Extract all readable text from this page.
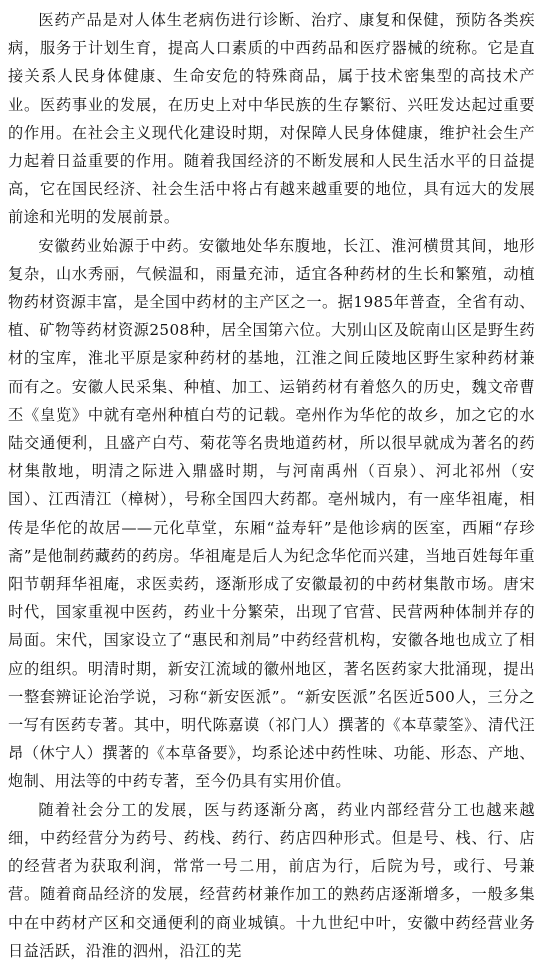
医药产品是对人体生老病伤进行诊断、治疗、康复和保健，预防各类疾病，服务于计划生育，提高人口素质的中西药品和医疗器械的统称。它是直接关系人民身体健康、生命安危的特殊商品，属于技术密集型的高技术产业。医药事业的发展，在历史上对中华民族的生存繁衍、兴旺发达起过重要的作用。在社会主义现代化建设时期，对保障人民身体健康，维护社会生产力起着日益重要的作用。随着我国经济的不断发展和人民生活水平的日益提高，它在国民经济、社会生活中将占有越来越重要的地位，具有远大的发展前途和光明的发展前景。

安徽药业始源于中药。安徽地处华东腹地，长江、淮河横贯其间，地形复杂，山水秀丽，气候温和，雨量充沛，适宜各种药材的生长和繁殖，动植物药材资源丰富，是全国中药材的主产区之一。据1985年普查，全省有动、植、矿物等药材资源2508种，居全国第六位。大别山区及皖南山区是野生药材的宝库，淮北平原是家种药材的基地，江淮之间丘陵地区野生家种药材兼而有之。安徽人民采集、种植、加工、运销药材有着悠久的历史，魏文帝曹丕《皇览》中就有亳州种植白芍的记载。亳州作为华佗的故乡，加之它的水陆交通便利，且盛产白芍、菊花等名贵地道药材，所以很早就成为著名的药材集散地，明清之际进入鼎盛时期，与河南禹州（百泉）、河北祁州（安国）、江西清江（樟树），号称全国四大药都。亳州城内，有一座华祖庵，相传是华佗的故居——元化草堂，东厢“益寿轩”是他诊病的医室，西厢“存珍斋”是他制药藏药的药房。华祖庵是后人为纪念华佗而兴建，当地百姓每年重阳节朝拜华祖庵，求医卖药，逐渐形成了安徽最初的中药材集散市场。唐宋时代，国家重视中医药，药业十分繁荣，出现了官营、民营两种体制并存的局面。宋代，国家设立了“惠民和剂局”中药经营机构，安徽各地也成立了相应的组织。明清时期，新安江流域的徽州地区，著名医药家大批涌现，提出一整套辨证论治学说，习称“新安医派”。“新安医派”名医近500人，三分之一写有医药专著。其中，明代陈嘉谟（祁门人）撰著的《本草蒙筌》、清代汪昂（休宁人）撰著的《本草备要》，均系论述中药性味、功能、形态、产地、炮制、用法等的中药专著，至今仍具有实用价值。

随着社会分工的发展，医与药逐渐分离，药业内部经营分工也越来越细，中药经营分为药号、药栈、药行、药店四种形式。但是号、栈、行、店的经营者为获取利润，常常一号二用，前店为行，后院为号，或行、号兼营。随着商品经济的发展，经营药材兼作加工的熟药店逐渐增多，一般多集中在中药材产区和交通便利的商业城镇。十九世纪中叶，安徽中药经营业务日益活跃，沿淮的泗州，沿江的芜
